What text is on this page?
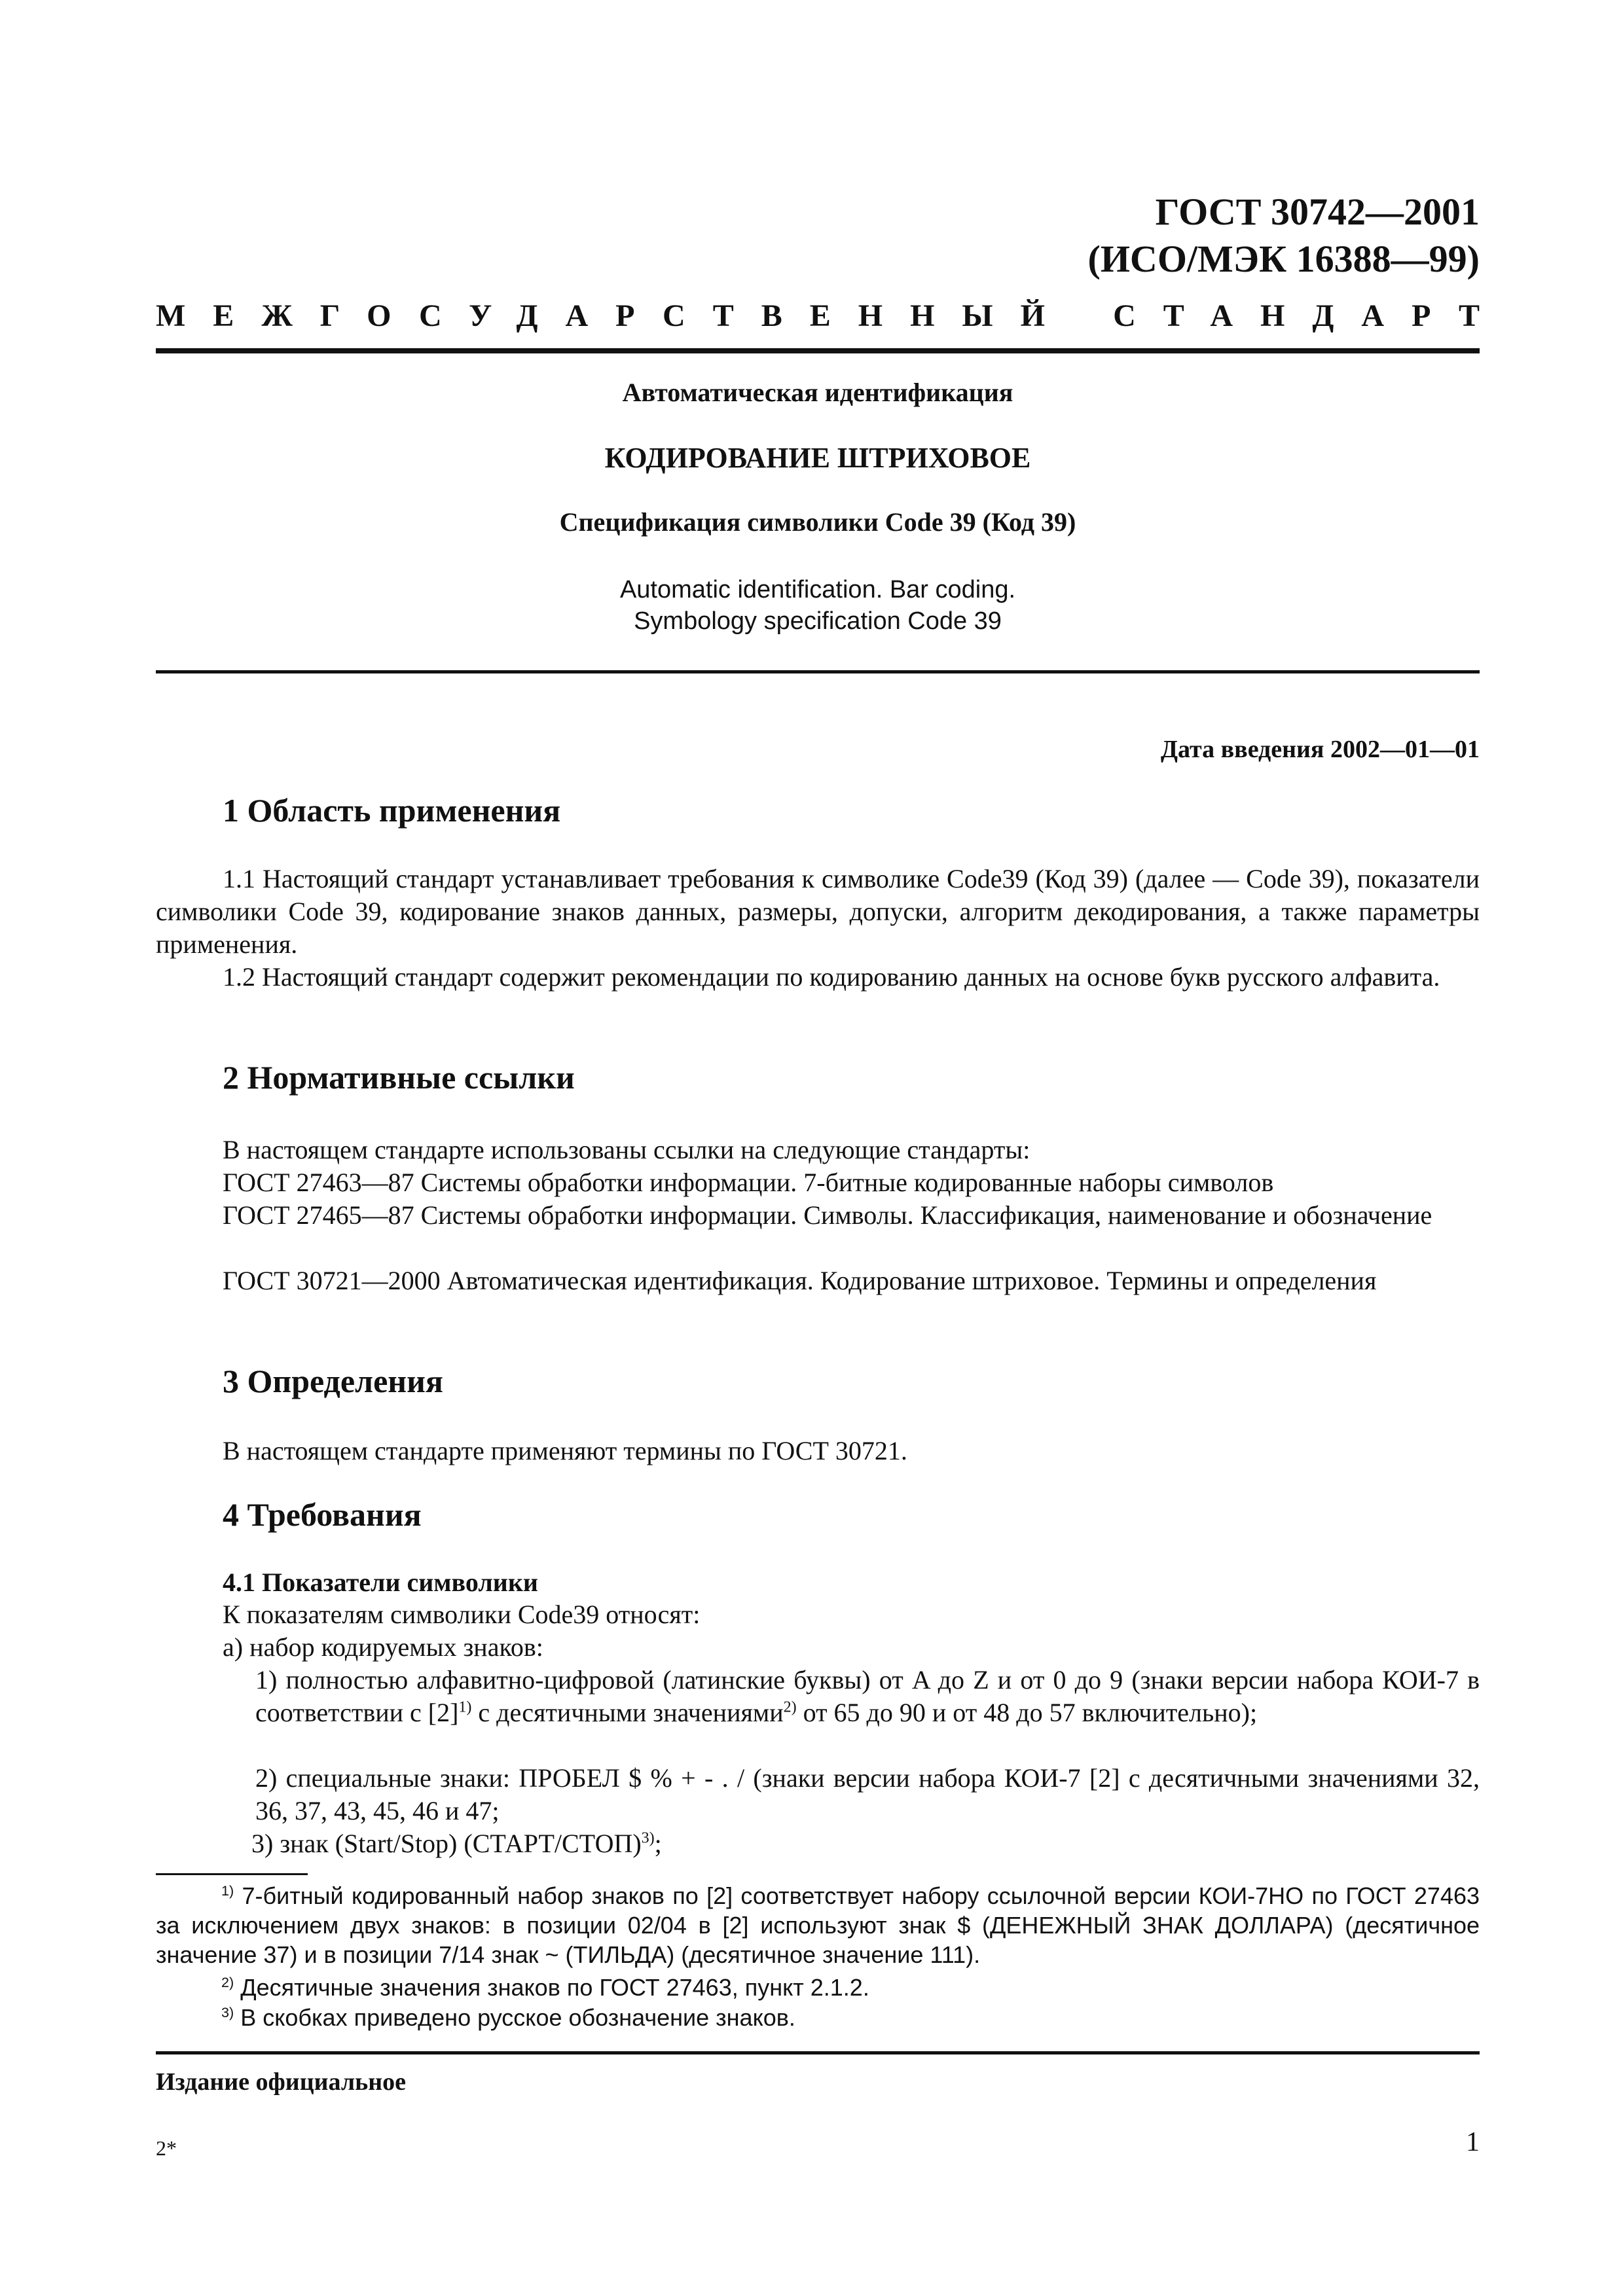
ГОСТ 30742—2001
(ИСО/МЭК 16388—99)
МЕЖГОСУДАРСТВЕННЫЙ СТАНДАРТ
Автоматическая идентификация
КОДИРОВАНИЕ ШТРИХОВОЕ
Спецификация символики Code 39 (Код 39)
Automatic identification. Bar coding.
Symbology specification Code 39
Дата введения 2002—01—01
1 Область применения

1.1 Настоящий стандарт устанавливает требования к символике Code39 (Код 39) (далее — Code 39), показатели символики Code 39, кодирование знаков данных, размеры, допуски, алгоритм декодирования, а также параметры применения.

1.2 Настоящий стандарт содержит рекомендации по кодированию данных на основе букв русского алфавита.

2 Нормативные ссылки

В настоящем стандарте использованы ссылки на следующие стандарты:

ГОСТ 27463—87 Системы обработки информации. 7-битные кодированные наборы символов

ГОСТ 27465—87 Системы обработки информации. Символы. Классификация, наименование и обозначение

ГОСТ 30721—2000 Автоматическая идентификация. Кодирование штриховое. Термины и определения

3 Определения

В настоящем стандарте применяют термины по ГОСТ 30721.

4 Требования
4.1 Показатели символики

К показателям символики Code39 относят:

а) набор кодируемых знаков:

1) полностью алфавитно-цифровой (латинские буквы) от A до Z и от 0 до 9 (знаки версии набора КОИ-7 в соответствии с $[2]^{1)}$ с десятичными значениями$^{2)}$ от 65 до 90 и от 48 до 57 включительно);

2) специальные знаки: ПРОБЕЛ $ % + - . / (знаки версии набора КОИ-7 [2] с десятичными значениями 32, 36, 37, 43, 45, 46 и 47;

3) знак (Start/Stop) (СТАРТ/СТОП)$^{3)}$;

$^{1)}$ 7-битный кодированный набор знаков по [2] соответствует набору ссылочной версии КОИ-7НО по ГОСТ 27463 за исключением двух знаков: в позиции 02/04 в [2] используют знак $ (ДЕНЕЖНЫЙ ЗНАК ДОЛЛАРА) (десятичное значение 37) и в позиции 7/14 знак ~ (ТИЛЬДА) (десятичное значение 111).

$^{2)}$ Десятичные значения знаков по ГОСТ 27463, пункт 2.1.2.

$^{3)}$ В скобках приведено русское обозначение знаков.

Издание официальное
2*	1
